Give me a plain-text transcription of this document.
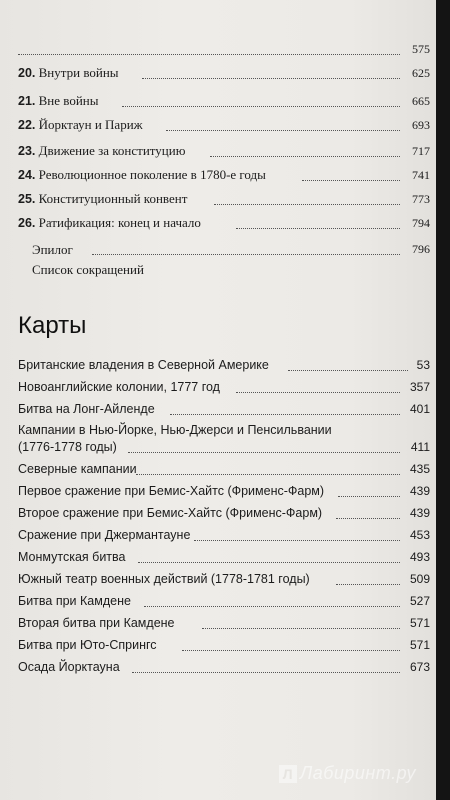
575
20. Внутри войны	625
21. Вне войны	665
22. Йорктаун и Париж	693
23. Движение за конституцию	717
24. Революционное поколение в 1780-е годы	741
25. Конституционный конвент	773
26. Ратификация: конец и начало	794
Эпилог	796
Список сокращений
Карты
Британские владения в Северной Америке	53
Новоанглийские колонии, 1777 год	357
Битва на Лонг-Айленде	401
Кампании в Нью-Йорке, Нью-Джерси и Пенсильвании
(1776-1778 годы)	411
Северные кампании	435
Первое сражение при Бемис-Хайтс (Фрименс-Фарм)	439
Второе сражение при Бемис-Хайтс (Фрименс-Фарм)	439
Сражение при Джермантауне	453
Монмутская битва	493
Южный театр военных действий (1778-1781 годы)	509
Битва при Камдене	527
Вторая битва при Камдене	571
Битва при Юто-Спрингс	571
Осада Йорктауна	673
Л Лабиринт.ру
